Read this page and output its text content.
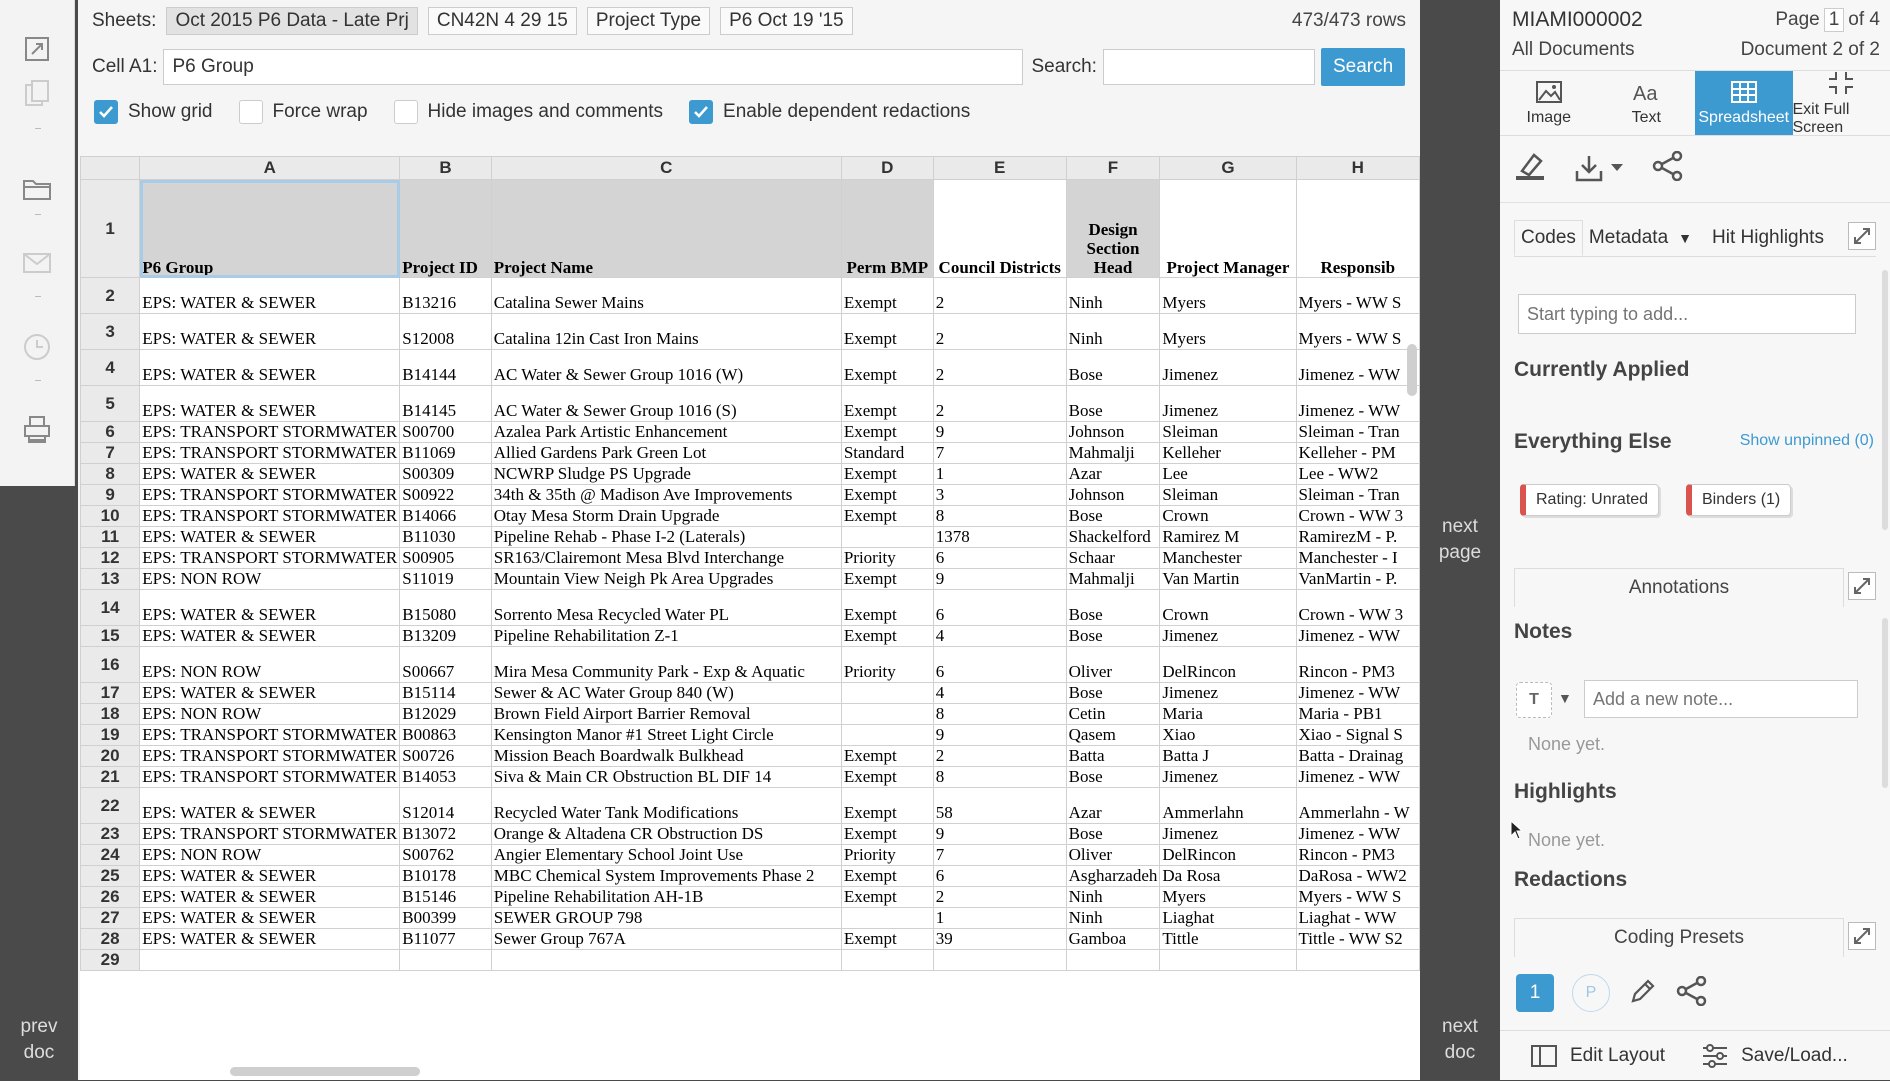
prev doc
Sheets:	Oct 2015 P6 Data - Late Prj	CN42N 4 29 15	Project Type	P6 Oct 19 '15	473/473 rows
Cell A1:
P6 Group	Search:	Search
Show grid	Force wrap	Hide images and comments	Enable dependent redactions
	A	B	C	D	E	F	G	H
1	P6 Group	Project ID	Project Name	Perm BMP	Council Districts	Design Section Head	Project Manager	Responsib
2	EPS: WATER & SEWER	B13216	Catalina Sewer Mains	Exempt	2	Ninh	Myers	Myers - WW S
3	EPS: WATER & SEWER	S12008	Catalina 12in Cast Iron Mains	Exempt	2	Ninh	Myers	Myers - WW S
4	EPS: WATER & SEWER	B14144	AC Water & Sewer Group 1016 (W)	Exempt	2	Bose	Jimenez	Jimenez - WW
5	EPS: WATER & SEWER	B14145	AC Water & Sewer Group 1016 (S)	Exempt	2	Bose	Jimenez	Jimenez - WW
6	EPS: TRANSPORT STORMWATER	S00700	Azalea Park Artistic Enhancement	Exempt	9	Johnson	Sleiman	Sleiman - Tran
7	EPS: TRANSPORT STORMWATER	B11069	Allied Gardens Park Green Lot	Standard	7	Mahmalji	Kelleher	Kelleher - PM
8	EPS: WATER & SEWER	S00309	NCWRP Sludge PS Upgrade	Exempt	1	Azar	Lee	Lee - WW2
9	EPS: TRANSPORT STORMWATER	S00922	34th & 35th @ Madison Ave Improvements	Exempt	3	Johnson	Sleiman	Sleiman - Tran
10	EPS: TRANSPORT STORMWATER	B14066	Otay Mesa Storm Drain Upgrade	Exempt	8	Bose	Crown	Crown - WW 3
11	EPS: WATER & SEWER	B11030	Pipeline Rehab - Phase I-2 (Laterals)		1378	Shackelford	Ramirez M	RamirezM - P.
12	EPS: TRANSPORT STORMWATER	S00905	SR163/Clairemont Mesa Blvd Interchange	Priority	6	Schaar	Manchester	Manchester - I
13	EPS: NON ROW	S11019	Mountain View Neigh Pk Area Upgrades	Exempt	9	Mahmalji	Van Martin	VanMartin - P.
14	EPS: WATER & SEWER	B15080	Sorrento Mesa Recycled Water PL	Exempt	6	Bose	Crown	Crown - WW 3
15	EPS: WATER & SEWER	B13209	Pipeline Rehabilitation Z-1	Exempt	4	Bose	Jimenez	Jimenez - WW
16	EPS: NON ROW	S00667	Mira Mesa Community Park - Exp & Aquatic	Priority	6	Oliver	DelRincon	Rincon - PM3
17	EPS: WATER & SEWER	B15114	Sewer & AC Water Group 840 (W)		4	Bose	Jimenez	Jimenez - WW
18	EPS: NON ROW	B12029	Brown Field Airport Barrier Removal		8	Cetin	Maria	Maria - PB1
19	EPS: TRANSPORT STORMWATER	B00863	Kensington Manor #1 Street Light Circle		9	Qasem	Xiao	Xiao - Signal S
20	EPS: TRANSPORT STORMWATER	S00726	Mission Beach Boardwalk Bulkhead	Exempt	2	Batta	Batta J	Batta - Drainag
21	EPS: TRANSPORT STORMWATER	B14053	Siva & Main CR Obstruction BL DIF 14	Exempt	8	Bose	Jimenez	Jimenez - WW
22	EPS: WATER & SEWER	S12014	Recycled Water Tank Modifications	Exempt	58	Azar	Ammerlahn	Ammerlahn - W
23	EPS: TRANSPORT STORMWATER	B13072	Orange & Altadena CR Obstruction DS	Exempt	9	Bose	Jimenez	Jimenez - WW
24	EPS: NON ROW	S00762	Angier Elementary School Joint Use	Priority	7	Oliver	DelRincon	Rincon - PM3
25	EPS: WATER & SEWER	B10178	MBC Chemical System Improvements Phase 2	Exempt	6	Asgharzadeh	Da Rosa	DaRosa - WW2
26	EPS: WATER & SEWER	B15146	Pipeline Rehabilitation AH-1B	Exempt	2	Ninh	Myers	Myers - WW S
27	EPS: WATER & SEWER	B00399	SEWER GROUP 798		1	Ninh	Liaghat	Liaghat - WW
28	EPS: WATER & SEWER	B11077	Sewer Group 767A	Exempt	39	Gamboa	Tittle	Tittle - WW S2
29								
next page
next doc
MIAMI000002
All Documents
Page 1 of 4
Document 2 of 2
Image
Aa
Text Spreadsheet Exit Full Screen
Codes Metadata ▼	Hit Highlights
Start typing to add...
Currently Applied
Everything Else	Show unpinned (0)
Rating: Unrated	Binders (1)
Annotations
Notes
T	▼
Add a new note...
None yet.
Highlights
None yet.
Redactions
Coding Presets
1	P
Edit Layout	Save/Load...
